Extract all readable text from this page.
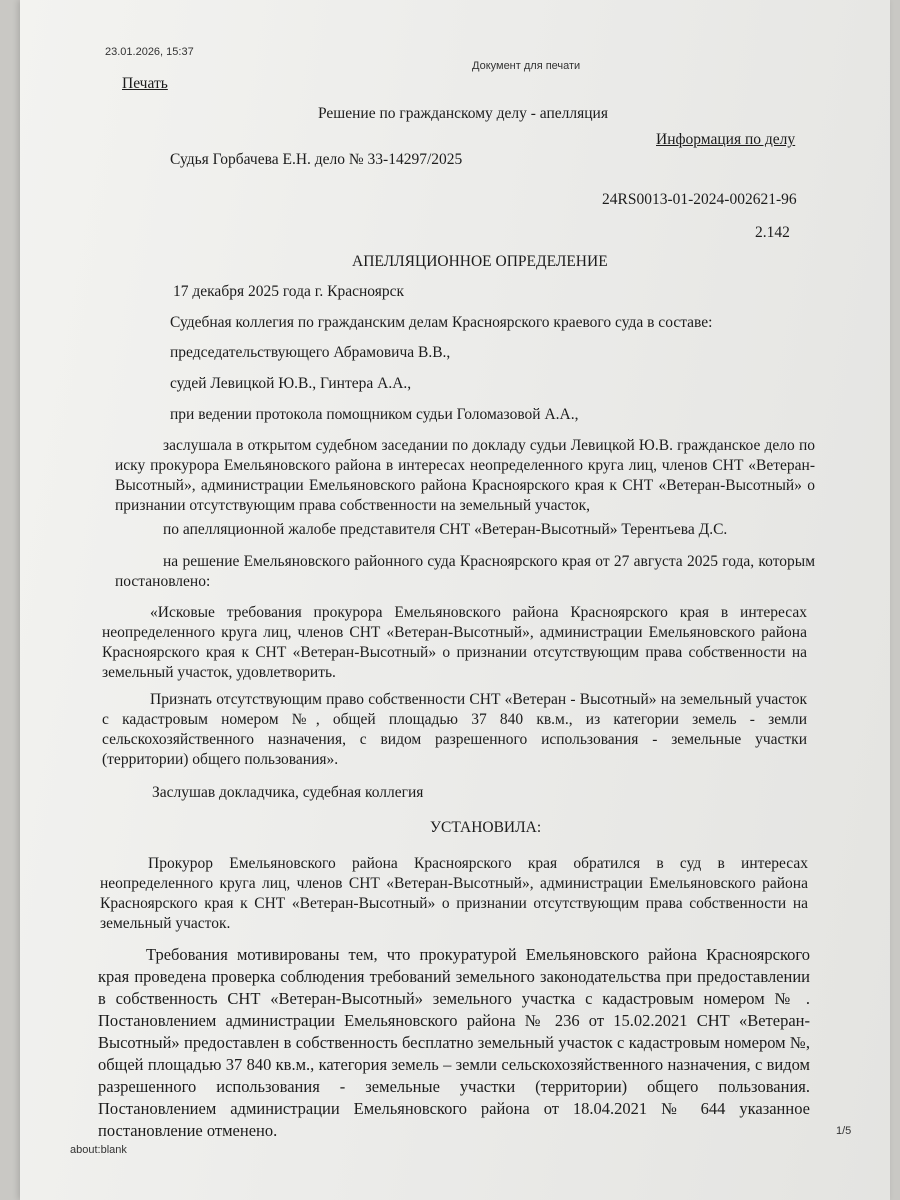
23.01.2026, 15:37
Документ для печати
Печать
Решение по гражданскому делу - апелляция
Информация по делу
Судья Горбачева Е.Н. дело № 33-14297/2025
24RS0013-01-2024-002621-96
2.142
АПЕЛЛЯЦИОННОЕ ОПРЕДЕЛЕНИЕ
17 декабря 2025 года г. Красноярск
Судебная коллегия по гражданским делам Красноярского краевого суда в составе:
председательствующего Абрамовича В.В.,
судей Левицкой Ю.В., Гинтера А.А.,
при ведении протокола помощником судьи Голомазовой А.А.,

заслушала в открытом судебном заседании по докладу судьи Левицкой Ю.В. гражданское дело по иску прокурора Емельяновского района в интересах неопределенного круга лиц, членов СНТ «Ветеран-Высотный», администрации Емельяновского района Красноярского края к СНТ «Ветеран-Высотный» о признании отсутствующим права собственности на земельный участок,

по апелляционной жалобе представителя СНТ «Ветеран-Высотный» Терентьева Д.С.

на решение Емельяновского районного суда Красноярского края от 27 августа 2025 года, которым постановлено:

«Исковые требования прокурора Емельяновского района Красноярского края в интересах неопределенного круга лиц, членов СНТ «Ветеран-Высотный», администрации Емельяновского района Красноярского края к СНТ «Ветеран-Высотный» о признании отсутствующим права собственности на земельный участок, удовлетворить.

Признать отсутствующим право собственности СНТ «Ветеран - Высотный» на земельный участок с кадастровым номером №, общей площадью 37 840 кв.м., из категории земель - земли сельскохозяйственного назначения, с видом разрешенного использования - земельные участки (территории) общего пользования».

Заслушав докладчика, судебная коллегия
УСТАНОВИЛА:

Прокурор Емельяновского района Красноярского края обратился в суд в интересах неопределенного круга лиц, членов СНТ «Ветеран-Высотный», администрации Емельяновского района Красноярского края к СНТ «Ветеран-Высотный» о признании отсутствующим права собственности на земельный участок.

Требования мотивированы тем, что прокуратурой Емельяновского района Красноярского края проведена проверка соблюдения требований земельного законодательства при предоставлении в собственность СНТ «Ветеран-Высотный» земельного участка с кадастровым номером № . Постановлением администрации Емельяновского района № 236 от 15.02.2021 СНТ «Ветеран-Высотный» предоставлен в собственность бесплатно земельный участок с кадастровым номером №, общей площадью 37 840 кв.м., категория земель – земли сельскохозяйственного назначения, с видом разрешенного использования - земельные участки (территории) общего пользования. Постановлением администрации Емельяновского района от 18.04.2021 № 644 указанное постановление отменено.	1/5
about:blank
